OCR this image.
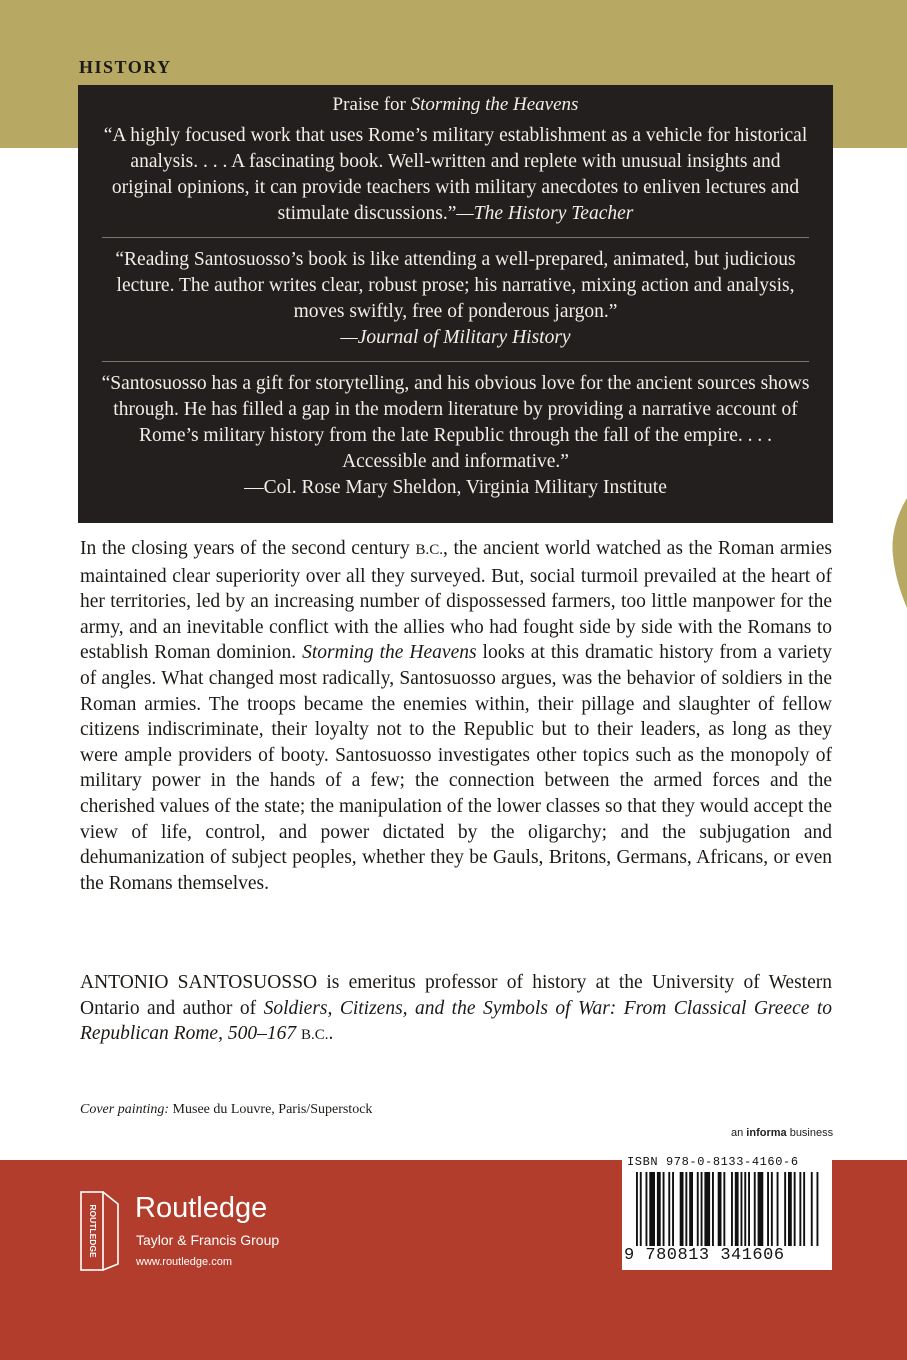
HISTORY
Praise for Storming the Heavens
“A highly focused work that uses Rome’s military establishment as a vehicle for historical analysis. . . . A fascinating book. Well-written and replete with unusual insights and original opinions, it can provide teachers with military anecdotes to enliven lectures and stimulate discussions.”—The History Teacher
“Reading Santosuosso’s book is like attending a well-prepared, animated, but judicious lecture. The author writes clear, robust prose; his narrative, mixing action and analysis, moves swiftly, free of ponderous jargon.”
—Journal of Military History
“Santosuosso has a gift for storytelling, and his obvious love for the ancient sources shows through. He has filled a gap in the modern literature by providing a narrative account of Rome’s military history from the late Republic through the fall of the empire. . . . Accessible and informative.”
—Col. Rose Mary Sheldon, Virginia Military Institute

In the closing years of the second century B.C., the ancient world watched as the Roman armies maintained clear superiority over all they surveyed. But, social turmoil prevailed at the heart of her territories, led by an increasing number of dispossessed farmers, too little manpower for the army, and an inevitable conflict with the allies who had fought side by side with the Romans to establish Roman dominion. Storming the Heavens looks at this dramatic history from a variety of angles. What changed most radically, Santosuosso argues, was the behavior of soldiers in the Roman armies. The troops became the enemies within, their pillage and slaughter of fellow citizens indiscriminate, their loyalty not to the Republic but to their leaders, as long as they were ample providers of booty. Santosuosso investigates other topics such as the monopoly of military power in the hands of a few; the connection between the armed forces and the cherished values of the state; the manipulation of the lower classes so that they would accept the view of life, control, and power dictated by the oligarchy; and the subjugation and dehumanization of subject peoples, whether they be Gauls, Britons, Germans, Africans, or even the Romans themselves.

ANTONIO SANTOSUOSSO is emeritus professor of history at the University of Western Ontario and author of Soldiers, Citizens, and the Symbols of War: From Classical Greece to Republican Rome, 500–167 B.C..

Cover painting: Musee du Louvre, Paris/Superstock
an informa business
ROUTLEDGE Routledge
Taylor & Francis Group
www.routledge.com
ISBN 978-0-8133-4160-6
9 780813 341606
